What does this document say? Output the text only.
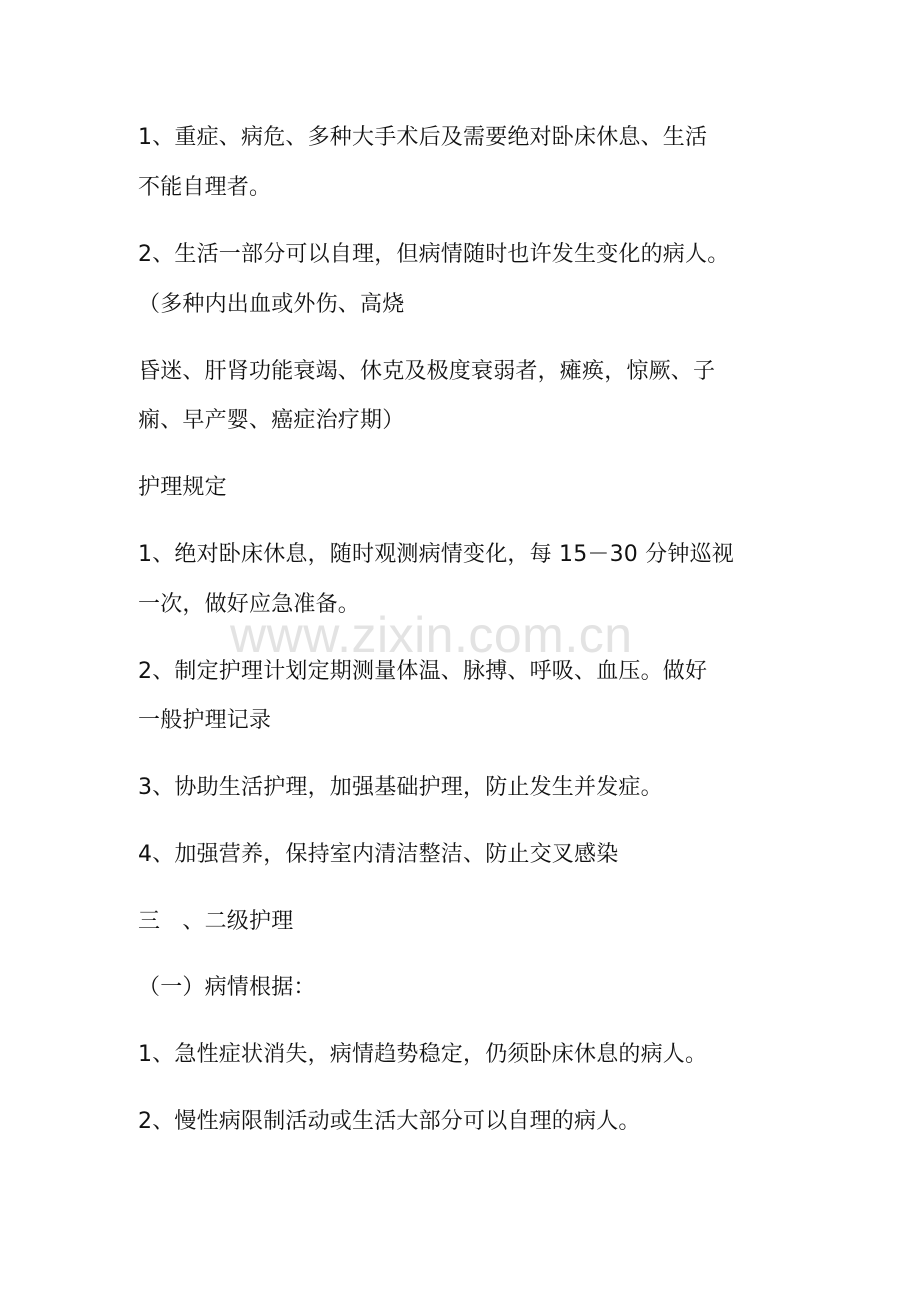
1、重症、病危、多种大手术后及需要绝对卧床休息、生活
不能自理者。
2、生活一部分可以自理，但病情随时也许发生变化的病人。
（多种内出血或外伤、高烧
昏迷、肝肾功能衰竭、休克及极度衰弱者，瘫痪，惊厥、子
痫、早产婴、癌症治疗期）
护理规定
1、绝对卧床休息，随时观测病情变化，每 15－30 分钟巡视
一次，做好应急准备。
2、制定护理计划定期测量体温、脉搏、呼吸、血压。做好
一般护理记录
3、协助生活护理，加强基础护理，防止发生并发症。
4、加强营养，保持室内清洁整洁、防止交叉感染
三　、二级护理
（一）病情根据：
1、急性症状消失，病情趋势稳定，仍须卧床休息的病人。
2、慢性病限制活动或生活大部分可以自理的病人。
www.zixin.com.cn
